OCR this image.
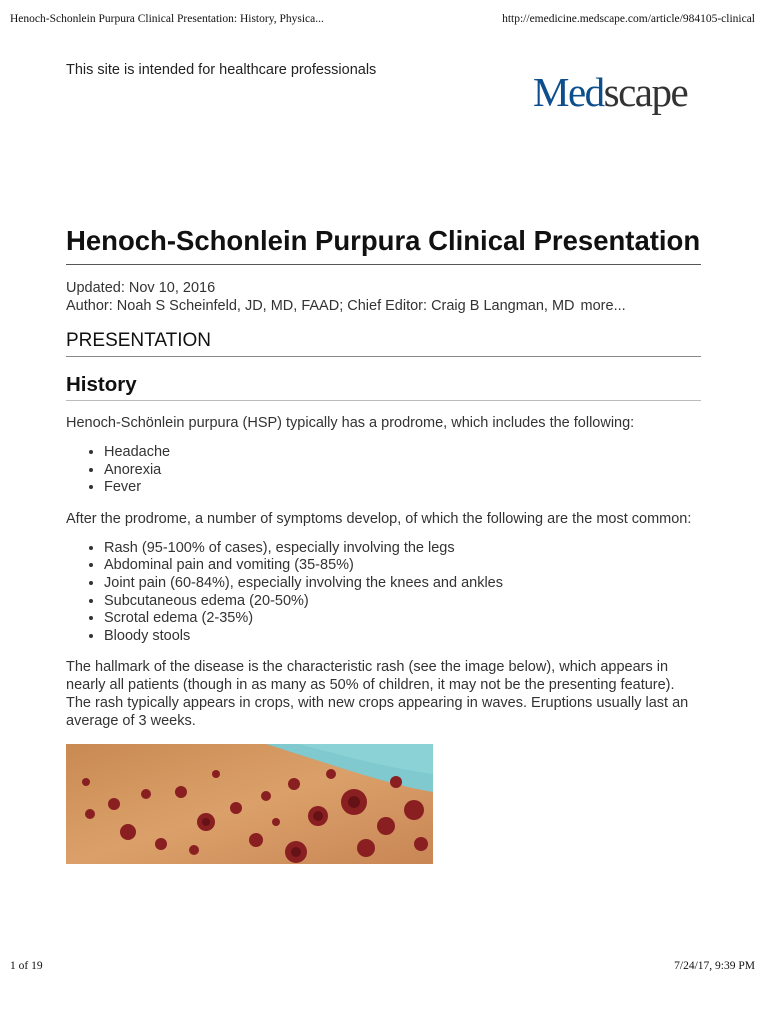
Henoch-Schonlein Purpura Clinical Presentation: History, Physica...	http://emedicine.medscape.com/article/984105-clinical
This site is intended for healthcare professionals	Medscape
Henoch-Schonlein Purpura Clinical Presentation
Updated: Nov 10, 2016
Author: Noah S Scheinfeld, JD, MD, FAAD; Chief Editor: Craig B Langman, MD more...
PRESENTATION
History

Henoch-Schönlein purpura (HSP) typically has a prodrome, which includes the following:

• Headache
• Anorexia
• Fever

After the prodrome, a number of symptoms develop, of which the following are the most common:

• Rash (95-100% of cases), especially involving the legs
• Abdominal pain and vomiting (35-85%)
• Joint pain (60-84%), especially involving the knees and ankles
• Subcutaneous edema (20-50%)
• Scrotal edema (2-35%)
• Bloody stools

The hallmark of the disease is the characteristic rash (see the image below), which appears in nearly all patients (though in as many as 50% of children, it may not be the presenting feature). The rash typically appears in crops, with new crops appearing in waves. Eruptions usually last an average of 3 weeks.

1 of 19	7/24/17, 9:39 PM
